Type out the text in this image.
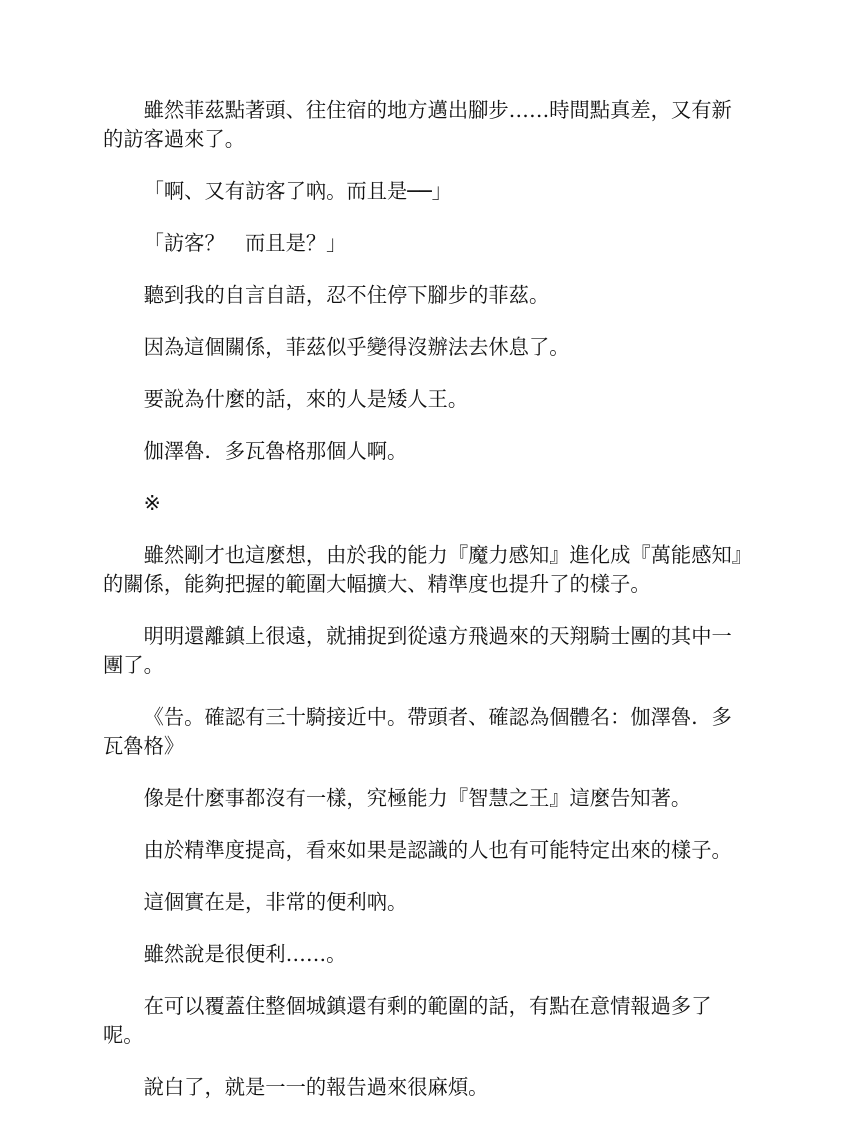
雖然菲茲點著頭、往住宿的地方邁出腳步……時間點真差，又有新的訪客過來了。

「啊、又有訪客了吶。而且是──」

「訪客？　而且是？」

聽到我的自言自語，忍不住停下腳步的菲茲。

因為這個關係，菲茲似乎變得沒辦法去休息了。

要說為什麼的話，來的人是矮人王。

伽澤魯．多瓦魯格那個人啊。

※

雖然剛才也這麼想，由於我的能力『魔力感知』進化成『萬能感知』的關係，能夠把握的範圍大幅擴大、精準度也提升了的樣子。

明明還離鎮上很遠，就捕捉到從遠方飛過來的天翔騎士團的其中一團了。

《告。確認有三十騎接近中。帶頭者、確認為個體名：伽澤魯．多瓦魯格》

像是什麼事都沒有一樣，究極能力『智慧之王』這麼告知著。

由於精準度提高，看來如果是認識的人也有可能特定出來的樣子。

這個實在是，非常的便利吶。

雖然說是很便利……。

在可以覆蓋住整個城鎮還有剩的範圍的話，有點在意情報過多了呢。

說白了，就是一一的報告過來很麻煩。
